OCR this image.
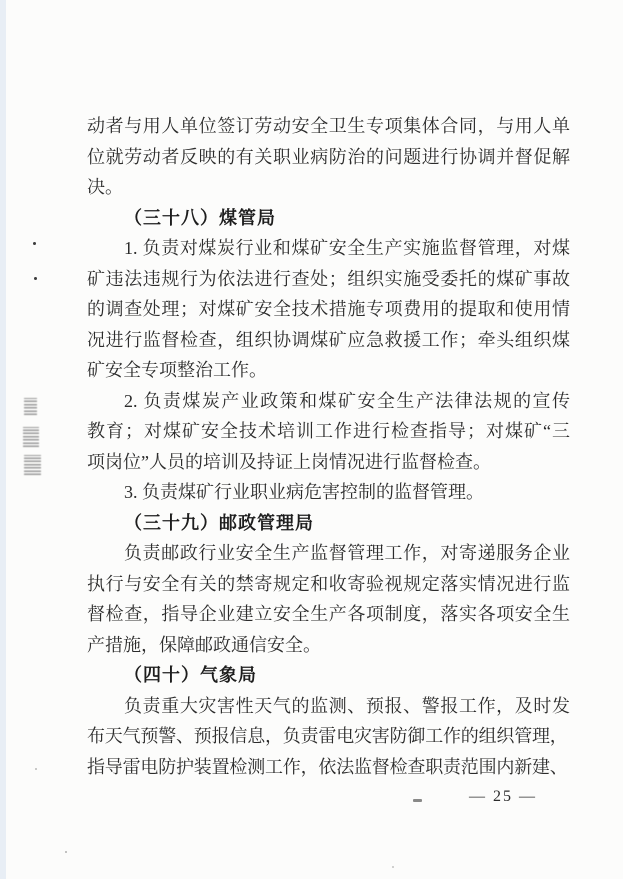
动者与用人单位签订劳动安全卫生专项集体合同，与用人单
位就劳动者反映的有关职业病防治的问题进行协调并督促解
决。
（三十八）煤管局
1. 负责对煤炭行业和煤矿安全生产实施监督管理，对煤
矿违法违规行为依法进行查处；组织实施受委托的煤矿事故
的调查处理；对煤矿安全技术措施专项费用的提取和使用情
况进行监督检查，组织协调煤矿应急救援工作；牵头组织煤
矿安全专项整治工作。
2. 负责煤炭产业政策和煤矿安全生产法律法规的宣传
教育；对煤矿安全技术培训工作进行检查指导；对煤矿“三
项岗位”人员的培训及持证上岗情况进行监督检查。
3. 负责煤矿行业职业病危害控制的监督管理。
（三十九）邮政管理局
负责邮政行业安全生产监督管理工作，对寄递服务企业
执行与安全有关的禁寄规定和收寄验视规定落实情况进行监
督检查，指导企业建立安全生产各项制度，落实各项安全生
产措施，保障邮政通信安全。
（四十）气象局
负责重大灾害性天气的监测、预报、警报工作，及时发
布天气预警、预报信息，负责雷电灾害防御工作的组织管理，
指导雷电防护装置检测工作，依法监督检查职责范围内新建、
— 25 —
